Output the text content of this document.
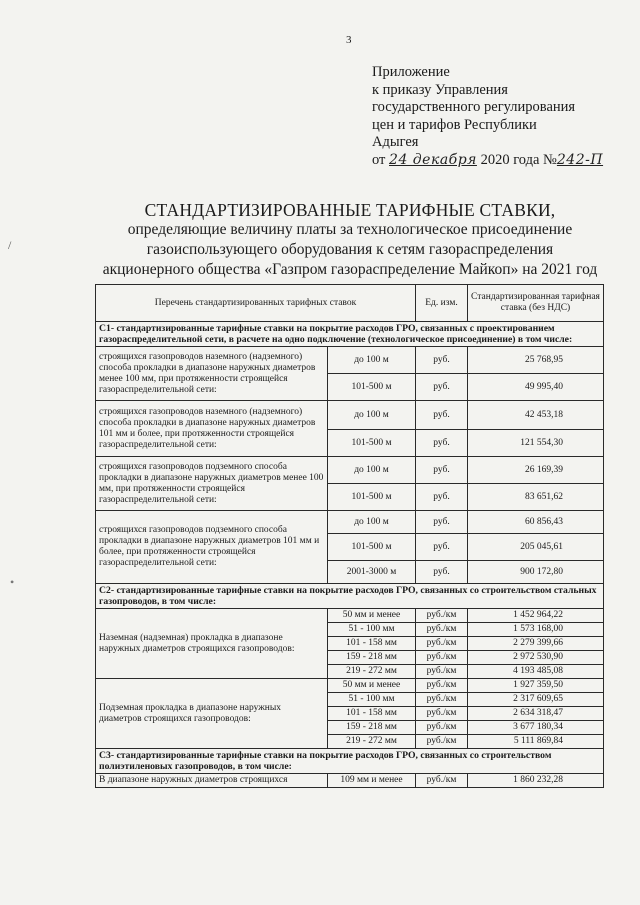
3
Приложение
к приказу Управления
государственного регулирования
цен и тарифов Республики
Адыгея
от 24 декабря 2020 года №242-П
/
•
СТАНДАРТИЗИРОВАННЫЕ ТАРИФНЫЕ СТАВКИ,
определяющие величину платы за технологическое присоединение
газоиспользующего оборудования к сетям газораспределения
акционерного общества «Газпром газораспределение Майкоп» на 2021 год
Перечень стандартизированных тарифных ставок		Ед. изм.	Стандартизированная тарифная ставка (без НДС)
С1- стандартизированные тарифные ставки на покрытие расходов ГРО, связанных с проектированием газораспределительной сети, в расчете на одно подключение (технологическое присоединение) в том числе:			
строящихся газопроводов наземного (надземного) способа прокладки в диапазоне наружных диаметров менее 100 мм, при протяженности строящейся газораспределительной сети:	до 100 м	руб.	25 768,95
	101-500 м	руб.	49 995,40
строящихся газопроводов наземного (надземного) способа прокладки в диапазоне наружных диаметров 101 мм и более, при протяженности строящейся газораспределительной сети:	до 100 м	руб.	42 453,18
	101-500 м	руб.	121 554,30
строящихся газопроводов подземного способа прокладки в диапазоне наружных диаметров менее 100 мм, при протяженности строящейся газораспределительной сети:	до 100 м	руб.	26 169,39
	101-500 м	руб.	83 651,62
строящихся газопроводов подземного способа прокладки в диапазоне наружных диаметров 101 мм и более, при протяженности строящейся газораспределительной сети:	до 100 м	руб.	60 856,43
	101-500 м	руб.	205 045,61
	2001-3000 м	руб.	900 172,80
С2- стандартизированные тарифные ставки на покрытие расходов ГРО, связанных со строительством стальных газопроводов, в том числе:			
Наземная (надземная) прокладка в диапазоне наружных диаметров строящихся газопроводов:	50 мм и менее	руб./км	1 452 964,22
	51 - 100 мм	руб./км	1 573 168,00
	101 - 158 мм	руб./км	2 279 399,66
	159 - 218 мм	руб./км	2 972 530,90
	219 - 272 мм	руб./км	4 193 485,08
Подземная прокладка в диапазоне наружных диаметров строящихся газопроводов:	50 мм и менее	руб./км	1 927 359,50
	51 - 100 мм	руб./км	2 317 609,65
	101 - 158 мм	руб./км	2 634 318,47
	159 - 218 мм	руб./км	3 677 180,34
	219 - 272 мм	руб./км	5 111 869,84
С3- стандартизированные тарифные ставки на покрытие расходов ГРО, связанных со строительством полиэтиленовых газопроводов, в том числе:			
В диапазоне наружных диаметров строящихся	109 мм и менее	руб./км	1 860 232,28
